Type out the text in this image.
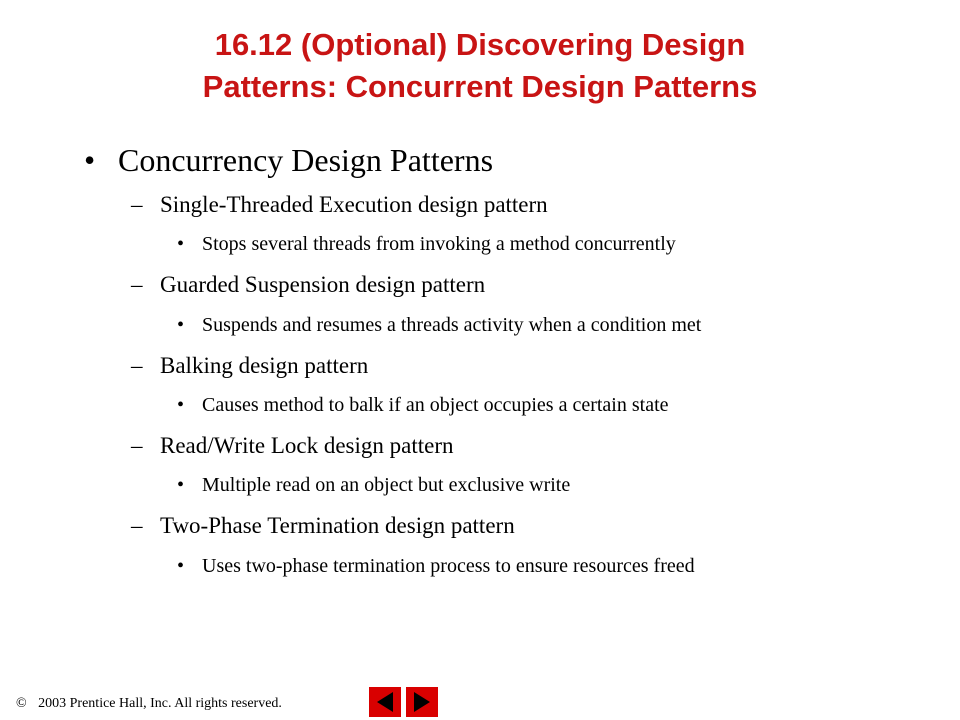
16.12 (Optional) Discovering Design
Patterns: Concurrent Design Patterns
• Concurrency Design Patterns
– Single-Threaded Execution design pattern
• Stops several threads from invoking a method concurrently
– Guarded Suspension design pattern
• Suspends and resumes a threads activity when a condition met
– Balking design pattern
• Causes method to balk if an object occupies a certain state
– Read/Write Lock design pattern
• Multiple read on an object but exclusive write
– Two-Phase Termination design pattern
• Uses two-phase termination process to ensure resources freed
© 2003 Prentice Hall, Inc. All rights reserved.
